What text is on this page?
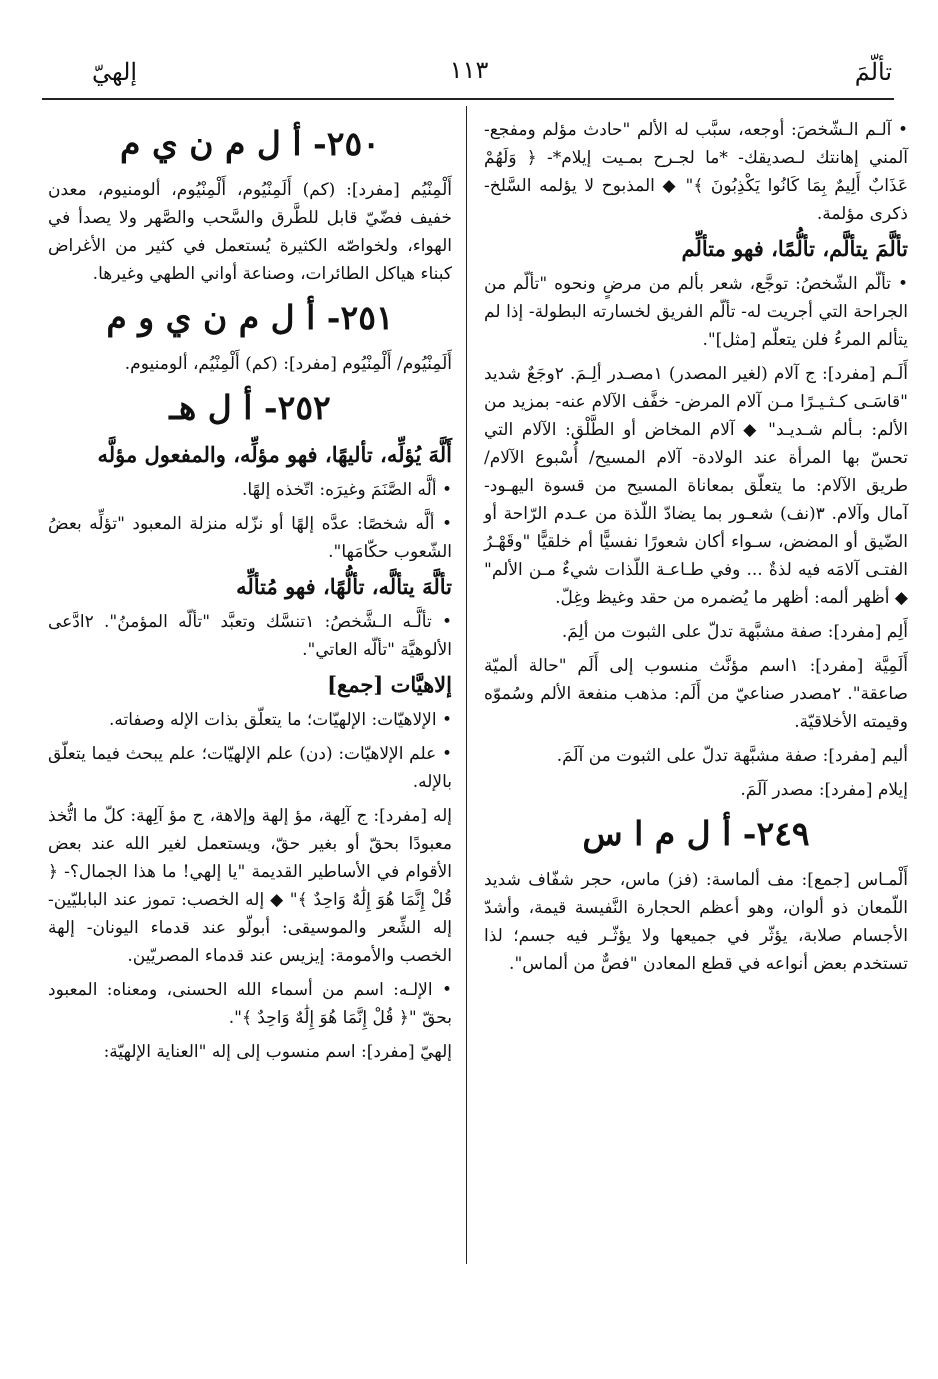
إلهيّ	١١٣	تألّمَ
• آلـم الـشّخصَ: أوجعه، سبَّب له الألم "حادث مؤلم ومفجع- آلمني إهانتك لـصديقك- *ما لجـرح بمـيت إيلام*- ﴿ وَلَهُمْ عَذَابٌ أَلِيمٌ بِمَا كَانُوا يَكْذِبُونَ ﴾" ◆ المذبوح لا يؤلمه السَّلخ- ذكرى مؤلمة.
تألَّمَ يتألَّم، تألُّمًا، فهو متألِّم
• تألّم الشّخصُ: توجَّع، شعر بألم من مرضٍ ونحوه "تألّم من الجراحة التي أجريت له- تألّم الفريق لخسارته البطولة- إذا لم يتألم المرءُ فلن يتعلّم [مثل]".
أَلَـم [مفرد]: ج آلام (لغير المصدر) ١مصـدر ألِـمَ. ٢وجَعٌ شديد "قاسَـى كـثـيـرًا مـن آلام المرض- خفَّف الآلام عنه- بمزيد من الألم: بـألم شـديـد" ◆ آلام المخاض أو الطَّلْق: الآلام التي تحسّ بها المرأة عند الولادة- آلام المسيح/ أُسْبوع الآلام/ طريق الآلام: ما يتعلّق بمعاناة المسيح من قسوة اليهـود- آمال وآلام. ٣(نف) شعـور بما يضادّ اللّذة من عـدم الرّاحة أو الضّيق أو المضض، سـواء أكان شعورًا نفسيًّا أم خلقيًّا "وقَهْـرُ الفتـى آلامَه فيه لذةٌ ... وفي طـاعـة اللّذات شيءٌ مـن الألم" ◆ أظهر ألمه: أظهر ما يُضمره من حقد وغيظ وغِلّ.
أَلِم [مفرد]: صفة مشبَّهة تدلّ على الثبوت من ألِمَ.
أَلَمِيَّة [مفرد]: ١اسم مؤنَّث منسوب إلى أَلَم "حالة ألميّة صاعقة". ٢مصدر صناعيّ من أَلَم: مذهب منفعة الألم وسُموّه وقيمته الأخلاقيّة.
أليم [مفرد]: صفة مشبَّهة تدلّ على الثبوت من آلَمَ.
إيلام [مفرد]: مصدر آلَمَ.
٢٤٩- أ ل م ا س
أَلْمـاس [جمع]: مف ألماسة: (فز) ماس، حجر شفّاف شديد اللّمعان ذو ألوان، وهو أعظم الحجارة النَّفيسة قيمة، وأشدّ الأجسام صلابة، يؤثّر في جميعها ولا يؤثّـر فيه جسم؛ لذا تستخدم بعض أنواعه في قطع المعادن "فصٌّ من ألماس".
٢٥٠- أ ل م ن ي م
أَلْمِنْيُم [مفرد]: (كم) أَلَمِنْيُوم، أَلْمِنْيُوم، ألومنيوم، معدن خفيف فضّيّ قابل للطَّرق والسَّحب والصَّهر ولا يصدأ في الهواء، ولخواصّه الكثيرة يُستعمل في كثير من الأغراض كبناء هياكل الطائرات، وصناعة أواني الطهي وغيرها.
٢٥١- أ ل م ن ي و م
أَلَمِنْيُوم/ أَلْمِنْيُوم [مفرد]: (كم) أَلْمِنْيُم، ألومنيوم.
٢٥٢- أ ل هـ
أَلَّهَ يُؤلِّه، تأليهًا، فهو مؤلِّه، والمفعول مؤلَّه
• ألَّه الصَّنَمَ وغيرَه: اتّخذه إلهًا.
• ألَّه شخصًا: عدَّه إلهًا أو نزّله منزلة المعبود "تؤلِّه بعضُ الشّعوب حكّامَها".
تألَّهَ يتألَّه، تألُّهًا، فهو مُتألِّه
• تألَّـه الـشَّخصُ: ١تنسَّك وتعبَّد "تألّه المؤمنُ". ٢ادَّعى الألوهيَّة "تألّه العاتي".
إلاهيَّات [جمع]
• الإلاهيّات: الإلهيّات؛ ما يتعلّق بذات الإله وصفاته.
• علم الإلاهيّات: (دن) علم الإلهيّات؛ علم يبحث فيما يتعلّق بالإله.
إله [مفرد]: ج آلِهة، مؤ إلهة وإلاهة، ج مؤ آلِهة: كلّ ما اتُّخذ معبودًا بحقّ أو بغير حقّ، ويستعمل لغير الله عند بعض الأقوام في الأساطير القديمة "يا إلهي! ما هذا الجمال؟- ﴿ قُلْ إِنَّمَا هُوَ إِلَٰهٌ وَاحِدٌ ﴾" ◆ إله الخصب: تموز عند البابليّين- إله الشِّعر والموسيقى: أبولّو عند قدماء اليونان- إلهة الخصب والأمومة: إيزيس عند قدماء المصريّين.
• الإلـه: اسم من أسماء الله الحسنى، ومعناه: المعبود بحقّ "﴿ قُلْ إِنَّمَا هُوَ إِلَٰهٌ وَاحِدٌ ﴾".
إلهيّ [مفرد]: اسم منسوب إلى إله "العناية الإلهيّة:
